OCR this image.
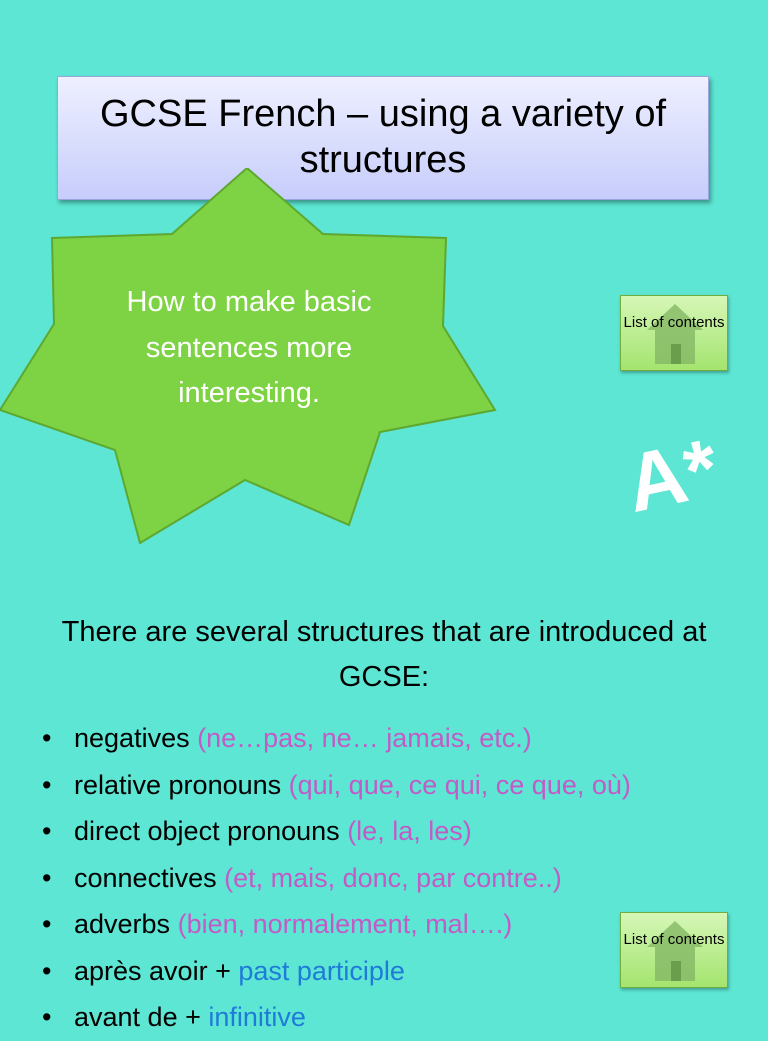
GCSE French – using a variety of structures
How to make basic sentences more interesting.
List of contents
A*
There are several structures that are introduced at GCSE:
• negatives (ne…pas, ne… jamais, etc.)
• relative pronouns (qui, que, ce qui, ce que, où)
• direct object pronouns (le, la, les)
• connectives (et, mais, donc, par contre..)
• adverbs (bien, normalement, mal….)
• après avoir + past participle
• avant de + infinitive
List of contents
